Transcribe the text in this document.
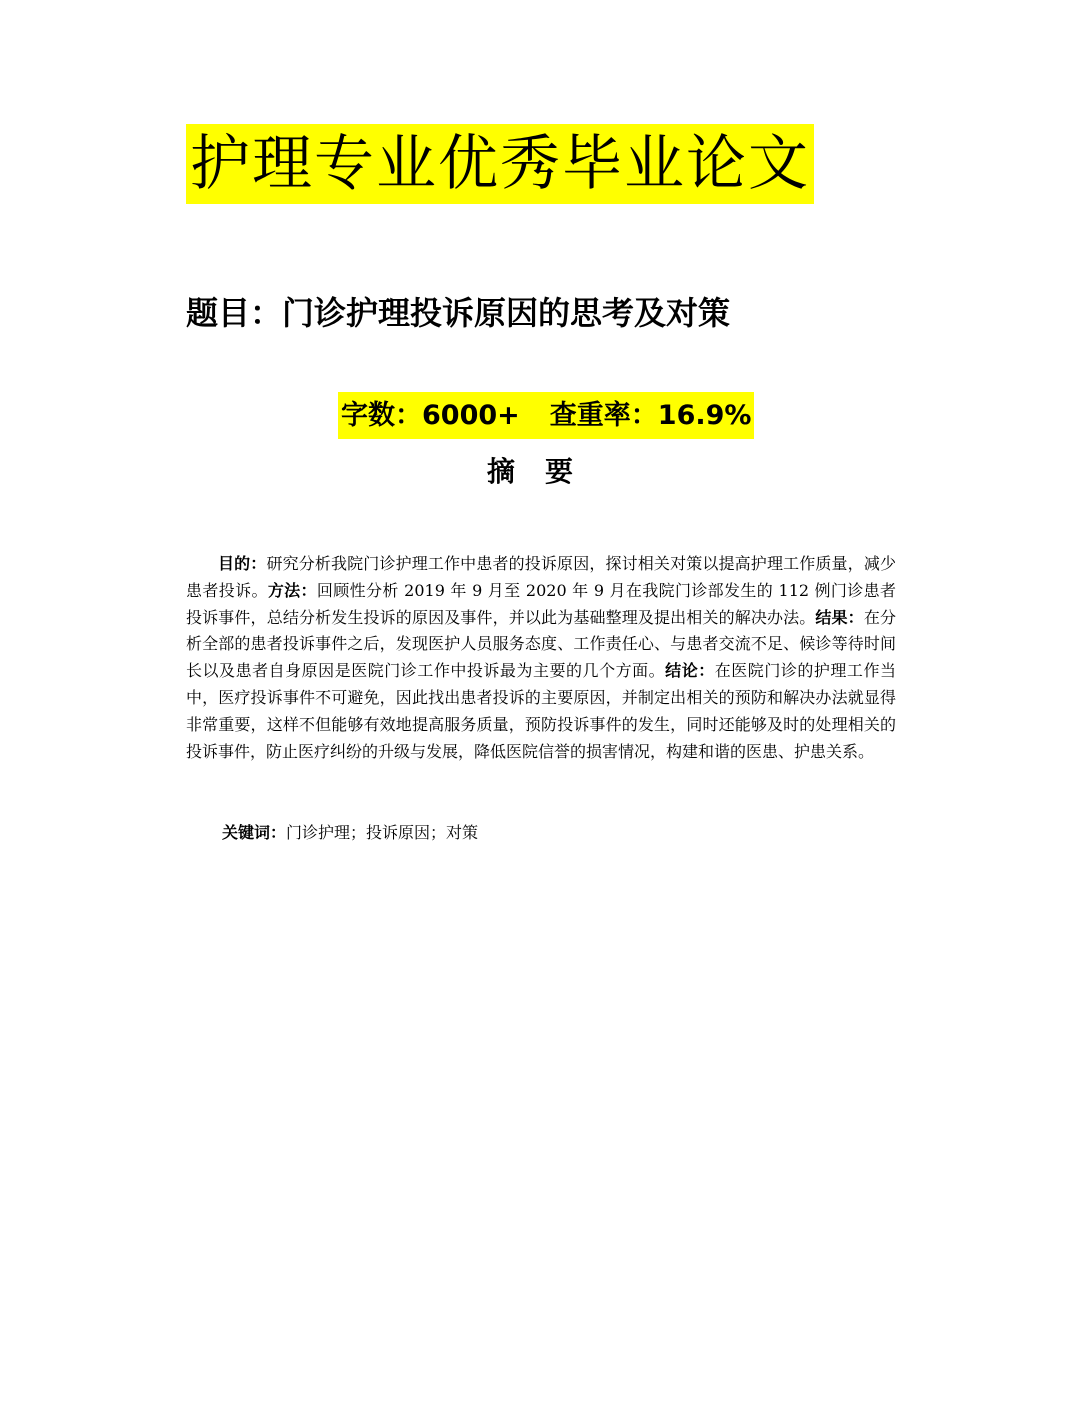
护理专业优秀毕业论文
题目：门诊护理投诉原因的思考及对策
字数：6000+ 查重率：16.9%
摘要

目的：研究分析我院门诊护理工作中患者的投诉原因，探讨相关对策以提高护理工作质量，减少患者投诉。方法：回顾性分析 2019 年 9 月至 2020 年 9 月在我院门诊部发生的 112 例门诊患者投诉事件，总结分析发生投诉的原因及事件，并以此为基础整理及提出相关的解决办法。结果：在分析全部的患者投诉事件之后，发现医护人员服务态度、工作责任心、与患者交流不足、候诊等待时间长以及患者自身原因是医院门诊工作中投诉最为主要的几个方面。结论：在医院门诊的护理工作当中，医疗投诉事件不可避免，因此找出患者投诉的主要原因，并制定出相关的预防和解决办法就显得非常重要，这样不但能够有效地提高服务质量，预防投诉事件的发生，同时还能够及时的处理相关的投诉事件，防止医疗纠纷的升级与发展，降低医院信誉的损害情况，构建和谐的医患、护患关系。

关键词：门诊护理；投诉原因；对策
